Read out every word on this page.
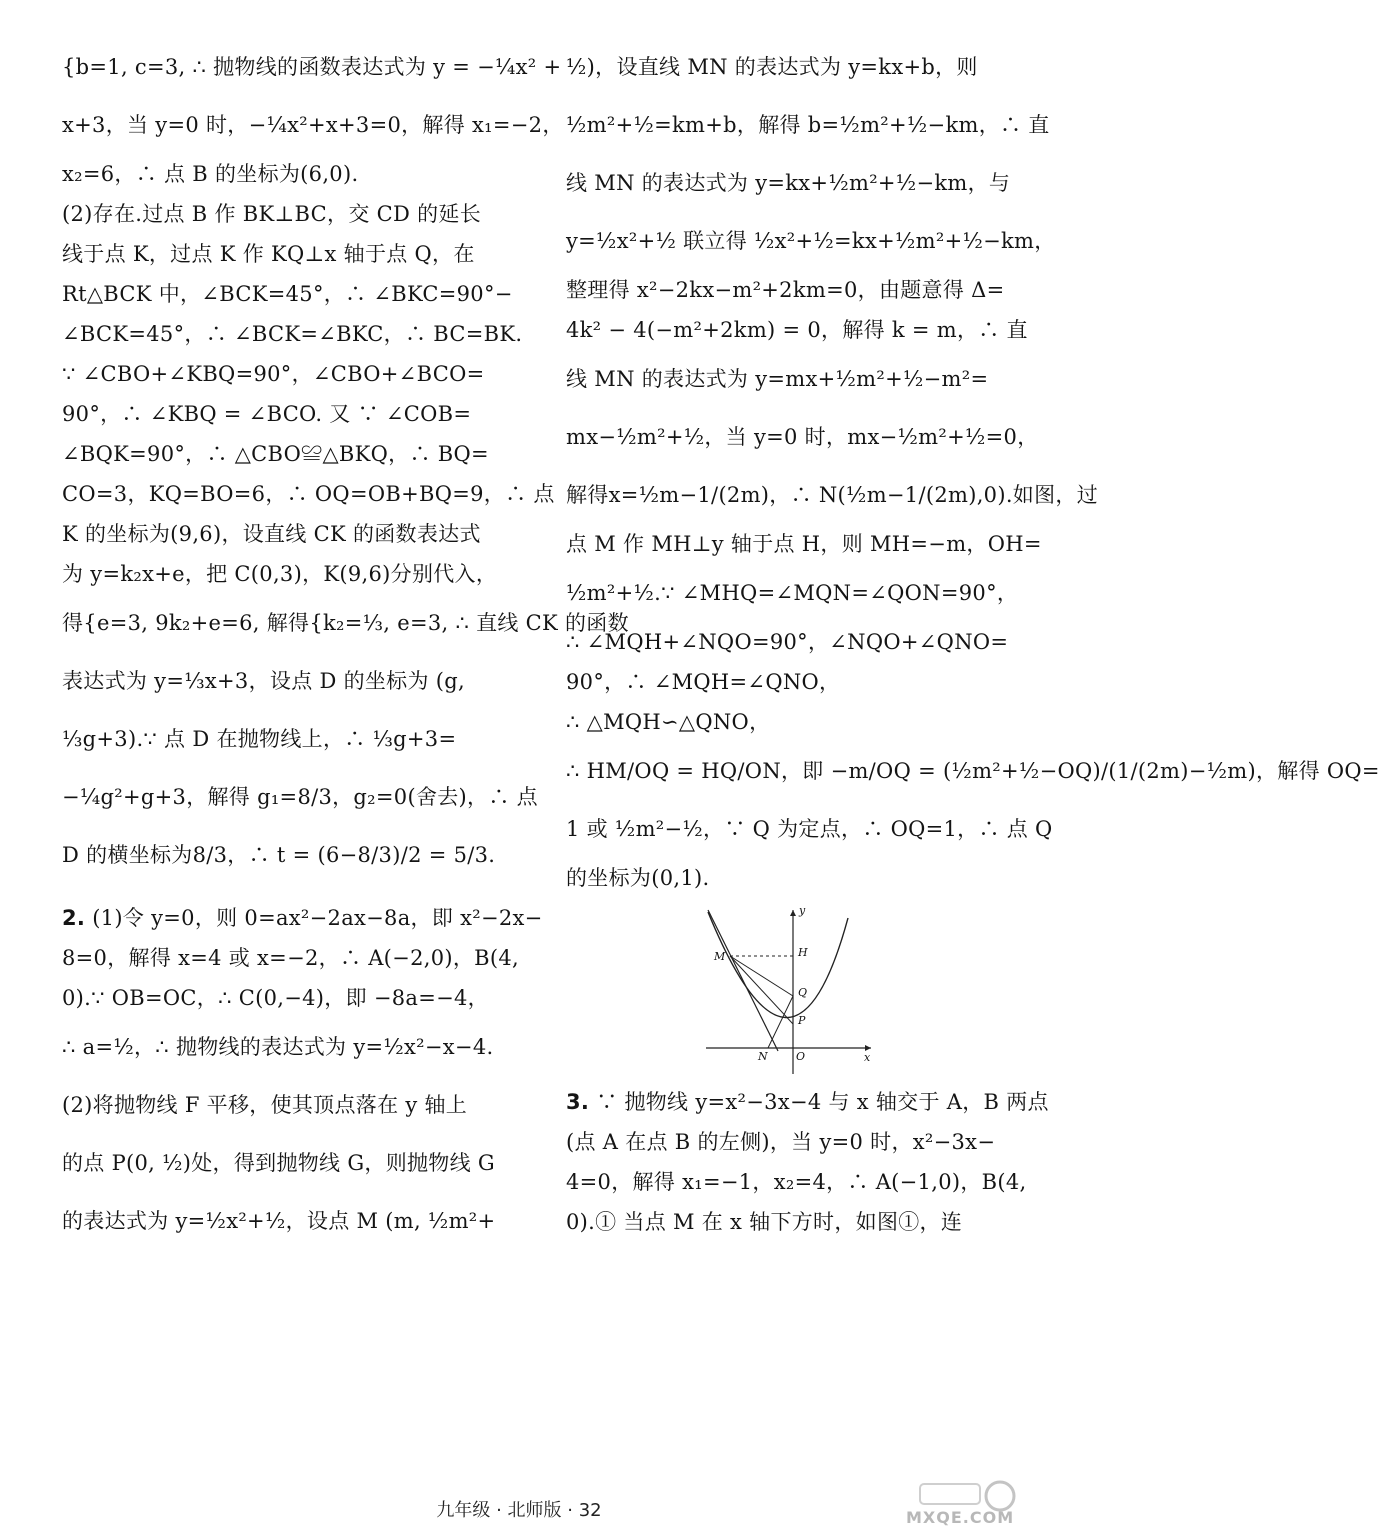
{b=1, c=3, ∴ 抛物线的函数表达式为 y = −¼x² +

x+3，当 y=0 时，−¼x²+x+3=0，解得 x₁=−2，

x₂=6，∴ 点 B 的坐标为(6,0).

(2)存在.过点 B 作 BK⊥BC，交 CD 的延长

线于点 K，过点 K 作 KQ⊥x 轴于点 Q，在

Rt△BCK 中，∠BCK=45°，∴ ∠BKC=90°−

∠BCK=45°，∴ ∠BCK=∠BKC，∴ BC=BK.

∵ ∠CBO+∠KBQ=90°，∠CBO+∠BCO=

90°，∴ ∠KBQ = ∠BCO. 又 ∵ ∠COB=

∠BQK=90°，∴ △CBO≌△BKQ，∴ BQ=

CO=3，KQ=BO=6，∴ OQ=OB+BQ=9，∴ 点

K 的坐标为(9,6)，设直线 CK 的函数表达式

为 y=k₂x+e，把 C(0,3)，K(9,6)分别代入，

得{e=3, 9k₂+e=6, 解得{k₂=⅓, e=3, ∴ 直线 CK 的函数

表达式为 y=⅓x+3，设点 D 的坐标为 (g,

⅓g+3).∵ 点 D 在抛物线上，∴ ⅓g+3=

−¼g²+g+3，解得 g₁=8/3，g₂=0(舍去)，∴ 点

D 的横坐标为8/3，∴ t = (6−8/3)/2 = 5/3.

2. (1)令 y=0，则 0=ax²−2ax−8a，即 x²−2x−

8=0，解得 x=4 或 x=−2，∴ A(−2,0)，B(4,

0).∵ OB=OC，∴ C(0,−4)，即 −8a=−4，

∴ a=½，∴ 抛物线的表达式为 y=½x²−x−4.

(2)将抛物线 F 平移，使其顶点落在 y 轴上

的点 P(0, ½)处，得到抛物线 G，则抛物线 G

的表达式为 y=½x²+½，设点 M (m, ½m²+

½)，设直线 MN 的表达式为 y=kx+b，则

½m²+½=km+b，解得 b=½m²+½−km，∴ 直

线 MN 的表达式为 y=kx+½m²+½−km，与

y=½x²+½ 联立得 ½x²+½=kx+½m²+½−km，

整理得 x²−2kx−m²+2km=0，由题意得 Δ=

4k² − 4(−m²+2km) = 0，解得 k = m，∴ 直

线 MN 的表达式为 y=mx+½m²+½−m²=

mx−½m²+½，当 y=0 时，mx−½m²+½=0，

解得x=½m−1/(2m)，∴ N(½m−1/(2m),0).如图，过

点 M 作 MH⊥y 轴于点 H，则 MH=−m，OH=

½m²+½.∵ ∠MHQ=∠MQN=∠QON=90°，

∴ ∠MQH+∠NQO=90°，∠NQO+∠QNO=

90°，∴ ∠MQH=∠QNO，

∴ △MQH∽△QNO，

∴ HM/OQ = HQ/ON，即 −m/OQ = (½m²+½−OQ)/(1/(2m)−½m)，解得 OQ=

1 或 ½m²−½，∵ Q 为定点，∴ OQ=1，∴ 点 Q

的坐标为(0,1).

y
x
M	H
Q
P
N	O

3. ∵ 抛物线 y=x²−3x−4 与 x 轴交于 A，B 两点

(点 A 在点 B 的左侧)，当 y=0 时，x²−3x−

4=0，解得 x₁=−1，x₂=4，∴ A(−1,0)，B(4,

0).① 当点 M 在 x 轴下方时，如图①，连

九年级 · 北师版 · 32	MXQE.COM
